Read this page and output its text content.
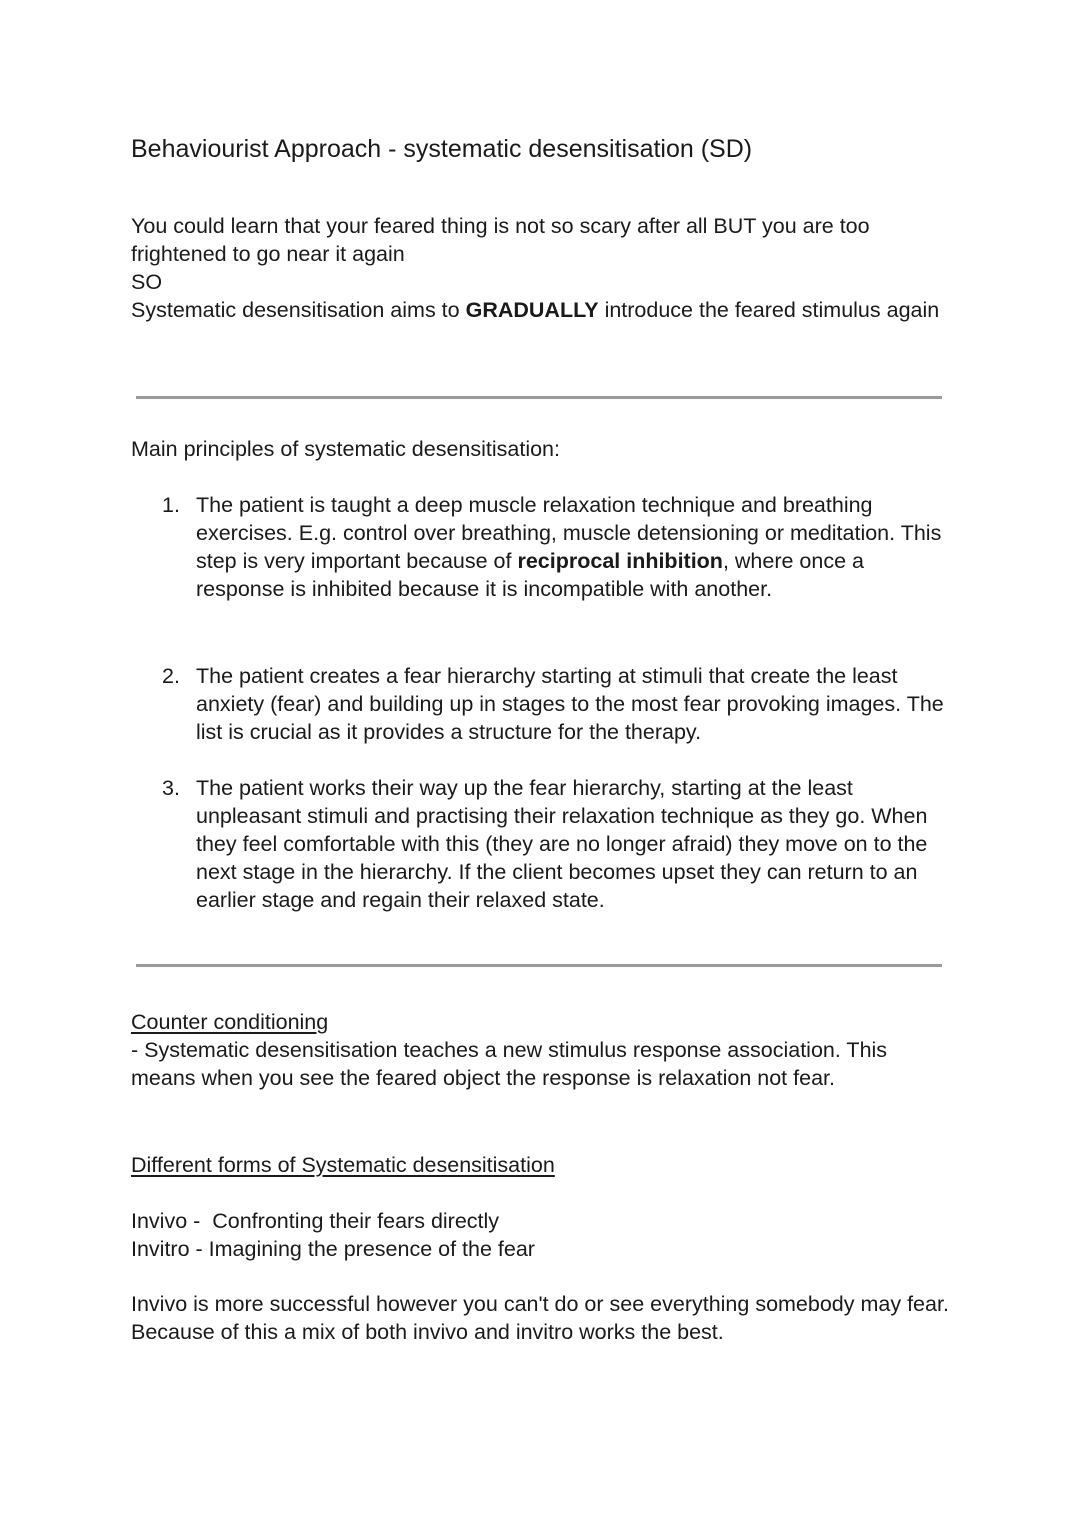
Behaviourist Approach - systematic desensitisation (SD)
You could learn that your feared thing is not so scary after all BUT you are too frightened to go near it again
SO
Systematic desensitisation aims to GRADUALLY introduce the feared stimulus again

Main principles of systematic desensitisation:

1. The patient is taught a deep muscle relaxation technique and breathing exercises. E.g. control over breathing, muscle detensioning or meditation. This step is very important because of reciprocal inhibition, where once a response is inhibited because it is incompatible with another.
2. The patient creates a fear hierarchy starting at stimuli that create the least anxiety (fear) and building up in stages to the most fear provoking images. The list is crucial as it provides a structure for the therapy.
3. The patient works their way up the fear hierarchy, starting at the least unpleasant stimuli and practising their relaxation technique as they go. When they feel comfortable with this (they are no longer afraid) they move on to the next stage in the hierarchy. If the client becomes upset they can return to an earlier stage and regain their relaxed state.

Counter conditioning

- Systematic desensitisation teaches a new stimulus response association. This means when you see the feared object the response is relaxation not fear.

Different forms of Systematic desensitisation

Invivo -  Confronting their fears directly

Invitro - Imagining the presence of the fear

Invivo is more successful however you can't do or see everything somebody may fear. Because of this a mix of both invivo and invitro works the best.
